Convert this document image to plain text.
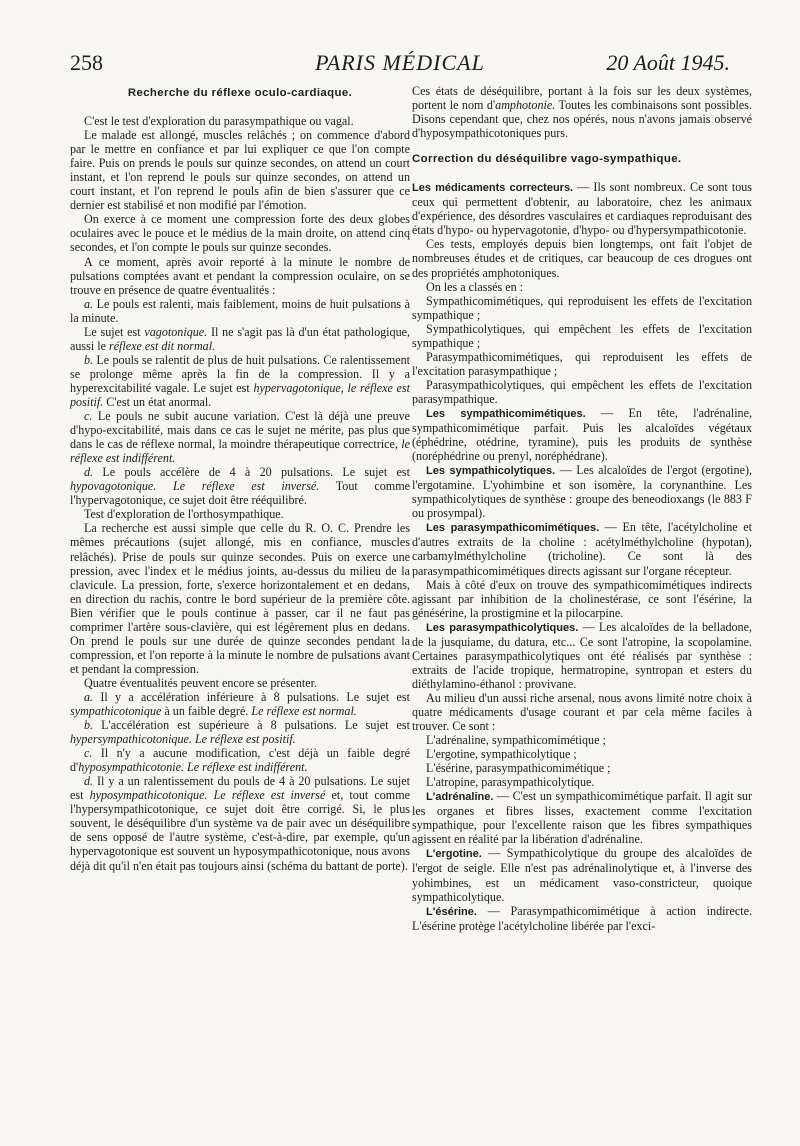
258	PARIS MÉDICAL	20 Août 1945.
Recherche du réflexe oculo-cardiaque.

C'est le test d'exploration du parasympathique ou vagal.

Le malade est allongé, muscles relâchés ; on commence d'abord par le mettre en confiance et par lui expliquer ce que l'on compte faire. Puis on prends le pouls sur quinze secondes, on attend un court instant, et l'on reprend le pouls sur quinze secondes, on attend un court instant, et l'on reprend le pouls afin de bien s'assurer que ce dernier est stabilisé et non modifié par l'émotion.

On exerce à ce moment une compression forte des deux globes oculaires avec le pouce et le médius de la main droite, on attend cinq secondes, et l'on compte le pouls sur quinze secondes.

A ce moment, après avoir reporté à la minute le nombre de pulsations comptées avant et pendant la compression oculaire, on se trouve en présence de quatre éventualités :

a. Le pouls est ralenti, mais faiblement, moins de huit pulsations à la minute.

Le sujet est vagotonique. Il ne s'agit pas là d'un état pathologique, aussi le réflexe est dit normal.

b. Le pouls se ralentit de plus de huit pulsations. Ce ralentissement se prolonge même après la fin de la compression. Il y a hyperexcitabilité vagale. Le sujet est hypervagotonique, le réflexe est positif. C'est un état anormal.

c. Le pouls ne subit aucune variation. C'est là déjà une preuve d'hypo-excitabilité, mais dans ce cas le sujet ne mérite, pas plus que dans le cas de réflexe normal, la moindre thérapeutique correctrice, le réflexe est indifférent.

d. Le pouls accélère de 4 à 20 pulsations. Le sujet est hypovagotonique. Le réflexe est inversé. Tout comme l'hypervagotonique, ce sujet doit être rééquilibré.

Test d'exploration de l'orthosympathique.

La recherche est aussi simple que celle du R. O. C. Prendre les mêmes précautions (sujet allongé, mis en confiance, muscles relâchés). Prise de pouls sur quinze secondes. Puis on exerce une pression, avec l'index et le médius joints, au-dessus du milieu de la clavicule. La pression, forte, s'exerce horizontalement et en dedans, en direction du rachis, contre le bord supérieur de la première côte. Bien vérifier que le pouls continue à passer, car il ne faut pas comprimer l'artère sous-clavière, qui est légèrement plus en dedans. On prend le pouls sur une durée de quinze secondes pendant la compression, et l'on reporte à la minute le nombre de pulsations avant et pendant la compression.

Quatre éventualités peuvent encore se présenter.

a. Il y a accélération inférieure à 8 pulsations. Le sujet est sympathicotonique à un faible degré. Le réflexe est normal.

b. L'accélération est supérieure à 8 pulsations. Le sujet est hypersympathicotonique. Le réflexe est positif.

c. Il n'y a aucune modification, c'est déjà un faible degré d'hyposympathicotonie. Le réflexe est indifférent.

d. Il y a un ralentissement du pouls de 4 à 20 pulsations. Le sujet est hyposympathicotonique. Le réflexe est inversé et, tout comme l'hypersympathicotonique, ce sujet doit être corrigé. Si, le plus souvent, le déséquilibre d'un système va de pair avec un déséquilibre de sens opposé de l'autre système, c'est-à-dire, par exemple, qu'un hypervagotonique est souvent un hyposympathicotonique, nous avons déjà dit qu'il n'en était pas toujours ainsi (schéma du battant de porte).

Ces états de déséquilibre, portant à la fois sur les deux systèmes, portent le nom d'amphotonie. Toutes les combinaisons sont possibles. Disons cependant que, chez nos opérés, nous n'avons jamais observé d'hyposympathicotoniques purs.

Correction du déséquilibre vago-sympathique.

Les médicaments correcteurs. — Ils sont nombreux. Ce sont tous ceux qui permettent d'obtenir, au laboratoire, chez les animaux d'expérience, des désordres vasculaires et cardiaques reproduisant des états d'hypo- ou hypervagotonie, d'hypo- ou d'hypersympathicotonie.

Ces tests, employés depuis bien longtemps, ont fait l'objet de nombreuses études et de critiques, car beaucoup de ces drogues ont des propriétés amphotoniques.

On les a classés en :

Sympathicomimétiques, qui reproduisent les effets de l'excitation sympathique ;

Sympathicolytiques, qui empêchent les effets de l'excitation sympathique ;

Parasympathicomimétiques, qui reproduisent les effets de l'excitation parasympathique ;

Parasympathicolytiques, qui empêchent les effets de l'excitation parasympathique.

Les sympathicomimétiques. — En tête, l'adrénaline, sympathicomimétique parfait. Puis les alcaloïdes végétaux (éphédrine, otédrine, tyramine), puis les produits de synthèse (noréphédrine ou prenyl, noréphédrane).

Les sympathicolytiques. — Les alcaloïdes de l'ergot (ergotine), l'ergotamine. L'yohimbine et son isomère, la corynanthine. Les sympathicolytiques de synthèse : groupe des beneodioxangs (le 883 F ou prosympal).

Les parasympathicomimétiques. — En tête, l'acétylcholine et d'autres extraits de la choline : acétylméthylcholine (hypotan), carbamylméthylcholine (tricholine). Ce sont là des parasympathicomimétiques directs agissant sur l'organe récepteur.

Mais à côté d'eux on trouve des sympathicomimétiques indirects agissant par inhibition de la cholinestérase, ce sont l'ésérine, la génésérine, la prostigmine et la pilocarpine.

Les parasympathicolytiques. — Les alcaloïdes de la belladone, de la jusquiame, du datura, etc... Ce sont l'atropine, la scopolamine. Certaines parasympathicolytiques ont été réalisés par synthèse : extraits de l'acide tropique, hermatropine, syntropan et esters du diéthylamino-éthanol : provivane.

Au milieu d'un aussi riche arsenal, nous avons limité notre choix à quatre médicaments d'usage courant et par cela même faciles à trouver. Ce sont :

L'adrénaline, sympathicomimétique ;

L'ergotine, sympathicolytique ;

L'ésérine, parasympathicomimétique ;

L'atropine, parasympathicolytique.

L'adrénaline. — C'est un sympathicomimétique parfait. Il agit sur les organes et fibres lisses, exactement comme l'excitation sympathique, pour l'excellente raison que les fibres sympathiques agissent en réalité par la libération d'adrénaline.

L'ergotine. — Sympathicolytique du groupe des alcaloïdes de l'ergot de seigle. Elle n'est pas adrénalinolytique et, à l'inverse des yohimbines, est un médicament vaso-constricteur, quoique sympathicolytique.

L'ésérine. — Parasympathicomimétique à action indirecte. L'ésérine protège l'acétylcholine libérée par l'exci-
